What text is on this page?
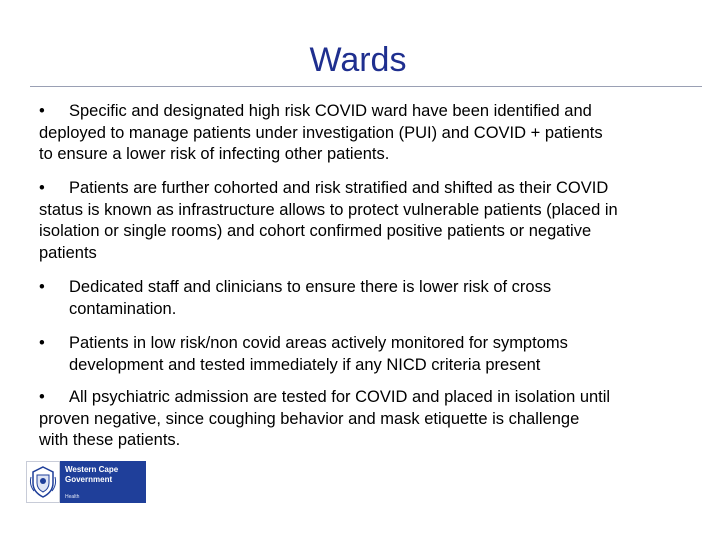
Wards
• Specific and designated high risk COVID ward have been identified and
deployed to manage patients under investigation (PUI) and COVID + patients
to ensure a lower risk of infecting other patients.
• Patients are further cohorted and risk stratified and shifted as their COVID
status is known as infrastructure allows to protect vulnerable patients (placed in
isolation or single rooms) and cohort confirmed positive patients or negative
patients
•	Dedicated staff and clinicians to ensure there is lower risk of cross
contamination.
•	Patients in low risk/non covid areas actively monitored for symptoms
development and tested immediately if any NICD criteria present
• All psychiatric admission are tested for COVID and placed in isolation until
proven negative, since coughing behavior and mask etiquette is challenge
with these patients.
Western Cape
Government
Health
